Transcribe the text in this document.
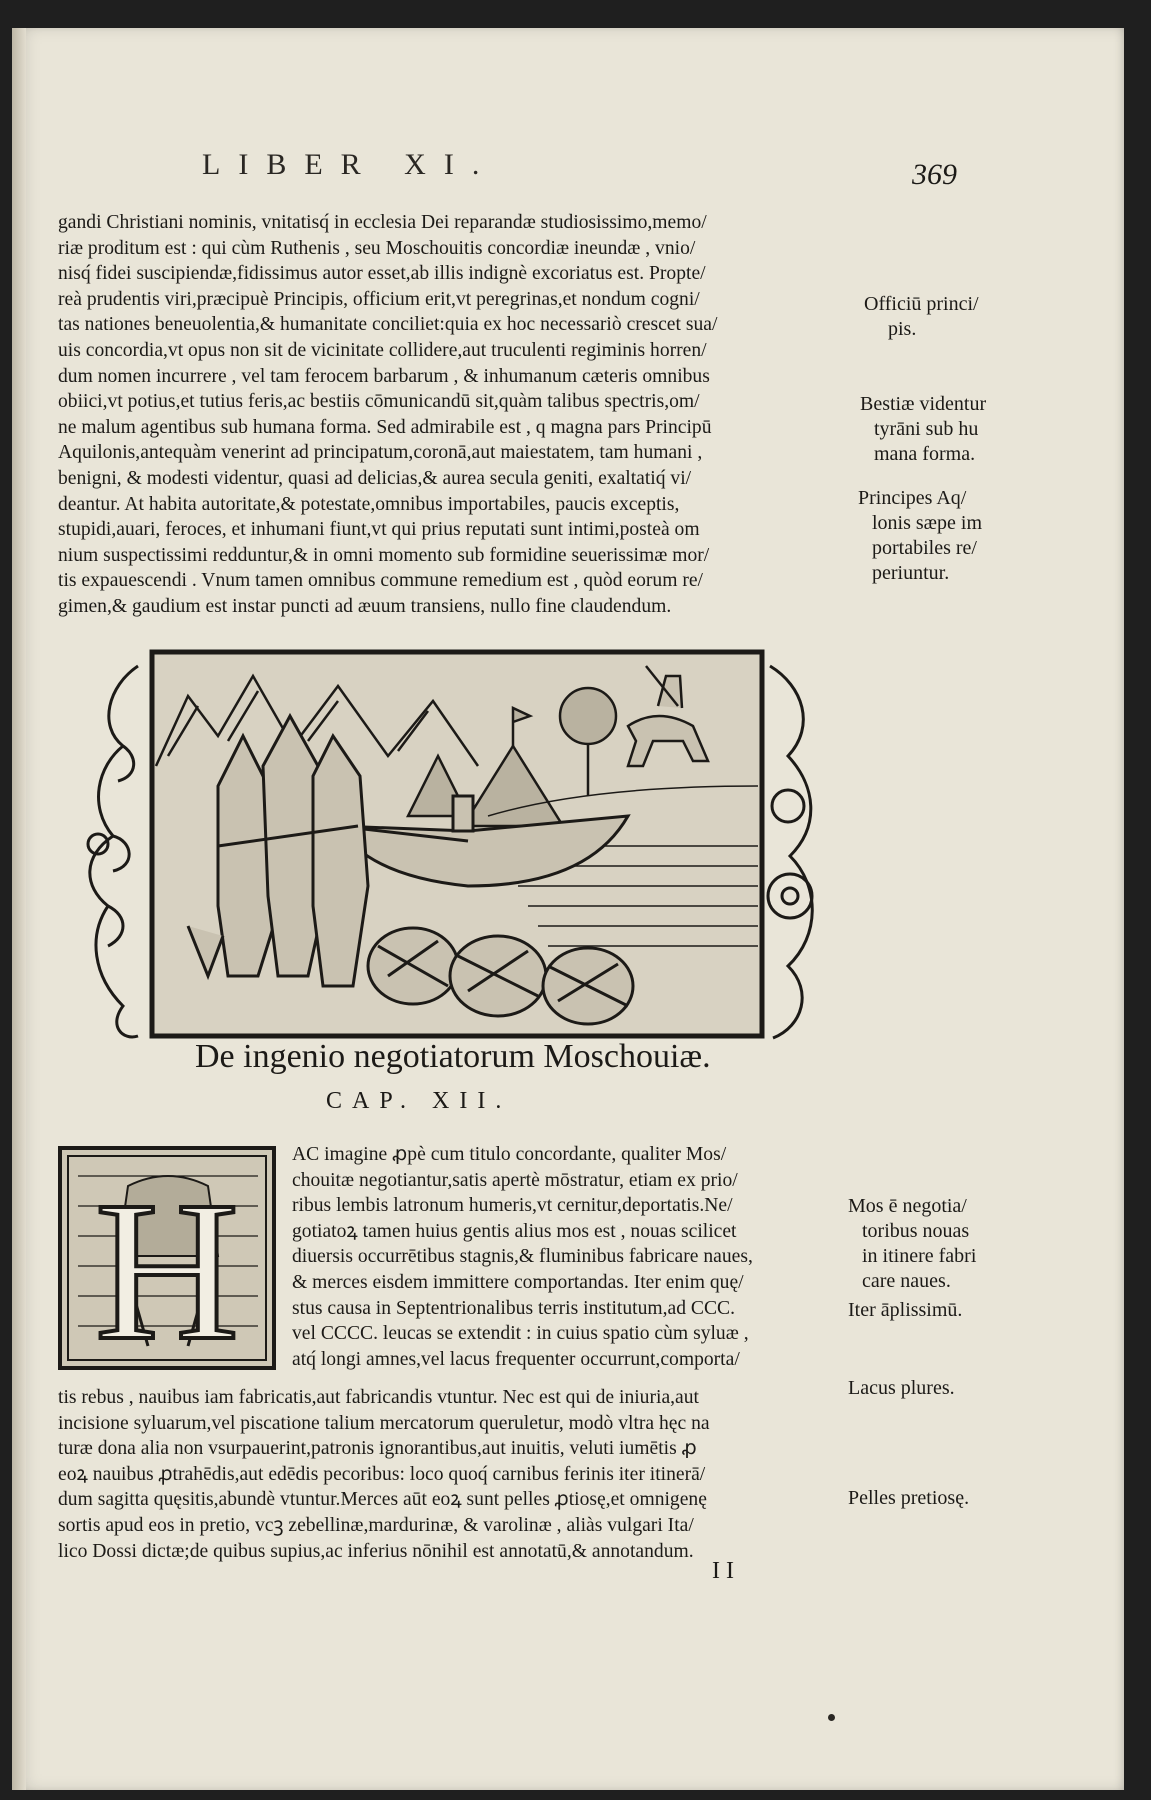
LIBER XI.	369
gandi Christiani nominis, vnitatisq́ in ecclesia Dei reparandæ studiosissimo,memo/
riæ proditum est : qui cùm Ruthenis , seu Moschouitis concordiæ ineundæ , vnio/
nisq́ fidei suscipiendæ,fidissimus autor esset,ab illis indignè excoriatus est. Propte/
reà prudentis viri,præcipuè Principis, officium erit,vt peregrinas,et nondum cogni/
tas nationes beneuolentia,& humanitate conciliet:quia ex hoc necessariò crescet sua/
uis concordia,vt opus non sit de vicinitate collidere,aut truculenti regiminis horren/
dum nomen incurrere , vel tam ferocem barbarum , & inhumanum cæteris omnibus
obiici,vt potius,et tutius feris,ac bestiis cōmunicandū sit,quàm talibus spectris,om/
ne malum agentibus sub humana forma. Sed admirabile est , q magna pars Principū
Aquilonis,antequàm venerint ad principatum,coronā,aut maiestatem, tam humani ,
benigni, & modesti videntur, quasi ad delicias,& aurea secula geniti, exaltatiq́ vi/
deantur. At habita autoritate,& potestate,omnibus importabiles, paucis exceptis,
stupidi,auari, feroces, et inhumani fiunt,vt qui prius reputati sunt intimi,posteà om
nium suspectissimi redduntur,& in omni momento sub formidine seuerissimæ mor/
tis expauescendi . Vnum tamen omnibus commune remedium est , quòd eorum re/
gimen,& gaudium est instar puncti ad æuum transiens, nullo fine claudendum.
Officiū princi/
pis.
Bestiæ videntur
tyrāni sub hu
mana forma.
Principes Aq/
lonis sæpe im
portabiles re/
periuntur.
De ingenio negotiatorum Moschouiæ.
CAP. XII.
H
AC imagine ꝓpè cum titulo concordante, qualiter Mos/
chouitæ negotiantur,satis apertè mōstratur, etiam ex prio/
ribus lembis latronum humeris,vt cernitur,deportatis.Ne/
gotiatoꝝ tamen huius gentis alius mos est , nouas scilicet
diuersis occurrētibus stagnis,& fluminibus fabricare naues,
& merces eisdem immittere comportandas. Iter enim quę/
stus causa in Septentrionalibus terris institutum,ad CCC.
vel CCCC. leucas se extendit : in cuius spatio cùm syluæ ,
atq́ longi amnes,vel lacus frequenter occurrunt,comporta/
tis rebus , nauibus iam fabricatis,aut fabricandis vtuntur. Nec est qui de iniuria,aut
incisione syluarum,vel piscatione talium mercatorum queruletur, modò vltra hęc na
turæ dona alia non vsurpauerint,patronis ignorantibus,aut inuitis, veluti iumētis ꝓ
eoꝝ nauibus ꝓtrahēdis,aut edēdis pecoribus: loco quoq́ carnibus ferinis iter itinerā/
dum sagitta quęsitis,abundè vtuntur.Merces aūt eoꝝ sunt pelles ꝓtiosę,et omnigenę
sortis apud eos in pretio, vcꝫ zebellinæ,mardurinæ, & varolinæ , aliàs vulgari Ita/
lico Dossi dictæ;de quibus supius,ac inferius nōnihil est annotatū,& annotandum.
Mos ē negotia/
toribus nouas
in itinere fabri
care naues.
Iter āplissimū.
Lacus plures.
Pelles pretiosę.
II
